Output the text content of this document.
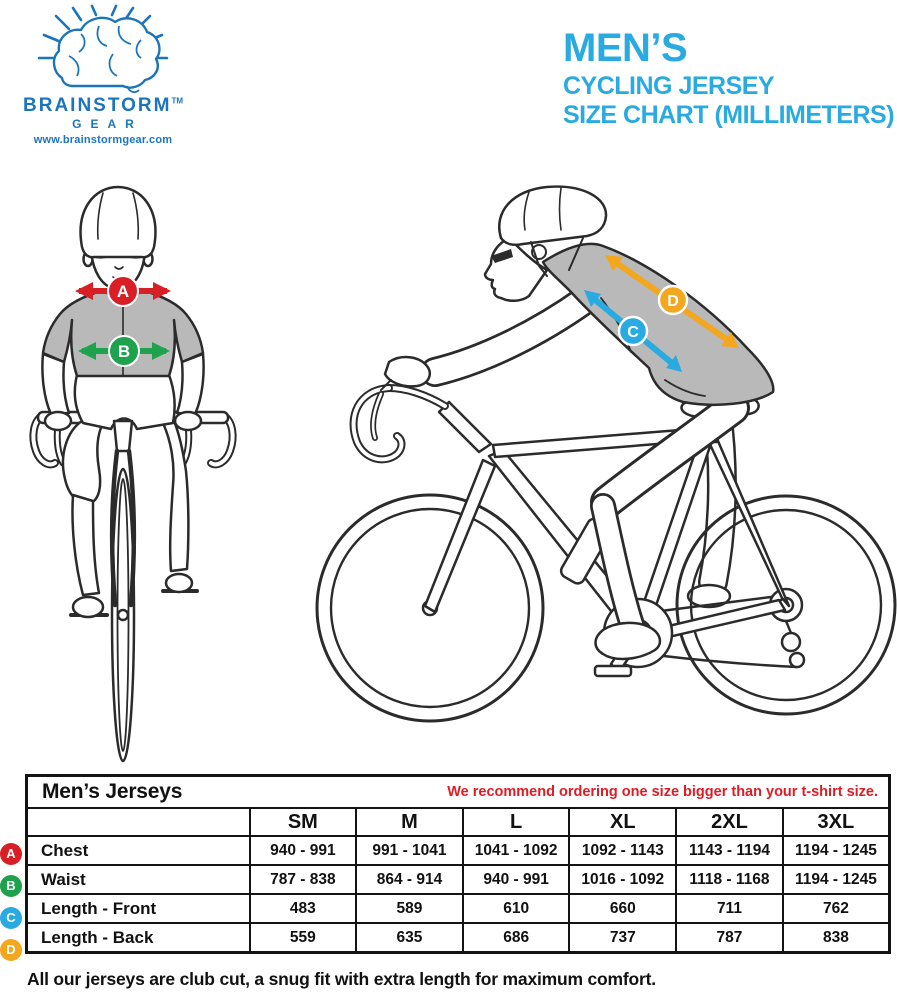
BRAINSTORM™
GEAR
www.brainstormgear.com
MEN’S
CYCLING JERSEY
SIZE CHART (MILLIMETERS)
A
B
C
D
A
B
C
D
Men’s Jerseys We recommend ordering one size bigger than your t-shirt size.						

	SM	M	L	XL	2XL	3XL
Chest	940 - 991	991 - 1041	1041 - 1092	1092 - 1143	1143 - 1194	1194 - 1245
Waist	787 - 838	864 - 914	940 - 991	1016 - 1092	1118 - 1168	1194 - 1245
Length - Front	483	589	610	660	711	762
Length - Back	559	635	686	737	787	838
All our jerseys are club cut, a snug fit with extra length for maximum comfort.
